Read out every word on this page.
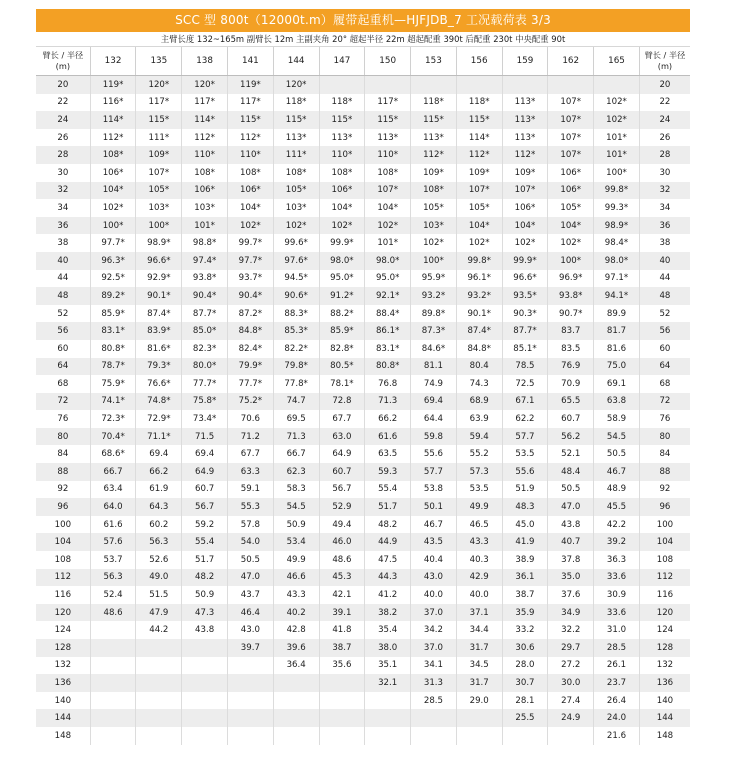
SCC 型 800t（12000t.m）履带起重机—HJFJDB_7 工况载荷表 3/3
主臂长度 132~165m 副臂长 12m 主副夹角 20° 超起半径 22m 超起配重 390t 后配重 230t 中央配重 90t													
臂长 / 半径
(m)	132	135	138	141	144	147	150	153	156	159	162	165	臂长 / 半径
(m)
20	119*	120*	120*	119*	120*								20
22	116*	117*	117*	117*	118*	118*	117*	118*	118*	113*	107*	102*	22
24	114*	115*	114*	115*	115*	115*	115*	115*	115*	113*	107*	102*	24
26	112*	111*	112*	112*	113*	113*	113*	113*	114*	113*	107*	101*	26
28	108*	109*	110*	110*	111*	110*	110*	112*	112*	112*	107*	101*	28
30	106*	107*	108*	108*	108*	108*	108*	109*	109*	109*	106*	100*	30
32	104*	105*	106*	106*	105*	106*	107*	108*	107*	107*	106*	99.8*	32
34	102*	103*	103*	104*	103*	104*	104*	105*	105*	106*	105*	99.3*	34
36	100*	100*	101*	102*	102*	102*	102*	103*	104*	104*	104*	98.9*	36
38	97.7*	98.9*	98.8*	99.7*	99.6*	99.9*	101*	102*	102*	102*	102*	98.4*	38
40	96.3*	96.6*	97.4*	97.7*	97.6*	98.0*	98.0*	100*	99.8*	99.9*	100*	98.0*	40
44	92.5*	92.9*	93.8*	93.7*	94.5*	95.0*	95.0*	95.9*	96.1*	96.6*	96.9*	97.1*	44
48	89.2*	90.1*	90.4*	90.4*	90.6*	91.2*	92.1*	93.2*	93.2*	93.5*	93.8*	94.1*	48
52	85.9*	87.4*	87.7*	87.2*	88.3*	88.2*	88.4*	89.8*	90.1*	90.3*	90.7*	89.9	52
56	83.1*	83.9*	85.0*	84.8*	85.3*	85.9*	86.1*	87.3*	87.4*	87.7*	83.7	81.7	56
60	80.8*	81.6*	82.3*	82.4*	82.2*	82.8*	83.1*	84.6*	84.8*	85.1*	83.5	81.6	60
64	78.7*	79.3*	80.0*	79.9*	79.8*	80.5*	80.8*	81.1	80.4	78.5	76.9	75.0	64
68	75.9*	76.6*	77.7*	77.7*	77.8*	78.1*	76.8	74.9	74.3	72.5	70.9	69.1	68
72	74.1*	74.8*	75.8*	75.2*	74.7	72.8	71.3	69.4	68.9	67.1	65.5	63.8	72
76	72.3*	72.9*	73.4*	70.6	69.5	67.7	66.2	64.4	63.9	62.2	60.7	58.9	76
80	70.4*	71.1*	71.5	71.2	71.3	63.0	61.6	59.8	59.4	57.7	56.2	54.5	80
84	68.6*	69.4	69.4	67.7	66.7	64.9	63.5	55.6	55.2	53.5	52.1	50.5	84
88	66.7	66.2	64.9	63.3	62.3	60.7	59.3	57.7	57.3	55.6	48.4	46.7	88
92	63.4	61.9	60.7	59.1	58.3	56.7	55.4	53.8	53.5	51.9	50.5	48.9	92
96	64.0	64.3	56.7	55.3	54.5	52.9	51.7	50.1	49.9	48.3	47.0	45.5	96
100	61.6	60.2	59.2	57.8	50.9	49.4	48.2	46.7	46.5	45.0	43.8	42.2	100
104	57.6	56.3	55.4	54.0	53.4	46.0	44.9	43.5	43.3	41.9	40.7	39.2	104
108	53.7	52.6	51.7	50.5	49.9	48.6	47.5	40.4	40.3	38.9	37.8	36.3	108
112	56.3	49.0	48.2	47.0	46.6	45.3	44.3	43.0	42.9	36.1	35.0	33.6	112
116	52.4	51.5	50.9	43.7	43.3	42.1	41.2	40.0	40.0	38.7	37.6	30.9	116
120	48.6	47.9	47.3	46.4	40.2	39.1	38.2	37.0	37.1	35.9	34.9	33.6	120
124		44.2	43.8	43.0	42.8	41.8	35.4	34.2	34.4	33.2	32.2	31.0	124
128				39.7	39.6	38.7	38.0	37.0	31.7	30.6	29.7	28.5	128
132					36.4	35.6	35.1	34.1	34.5	28.0	27.2	26.1	132
136							32.1	31.3	31.7	30.7	30.0	23.7	136
140								28.5	29.0	28.1	27.4	26.4	140
144										25.5	24.9	24.0	144
148												21.6	148
